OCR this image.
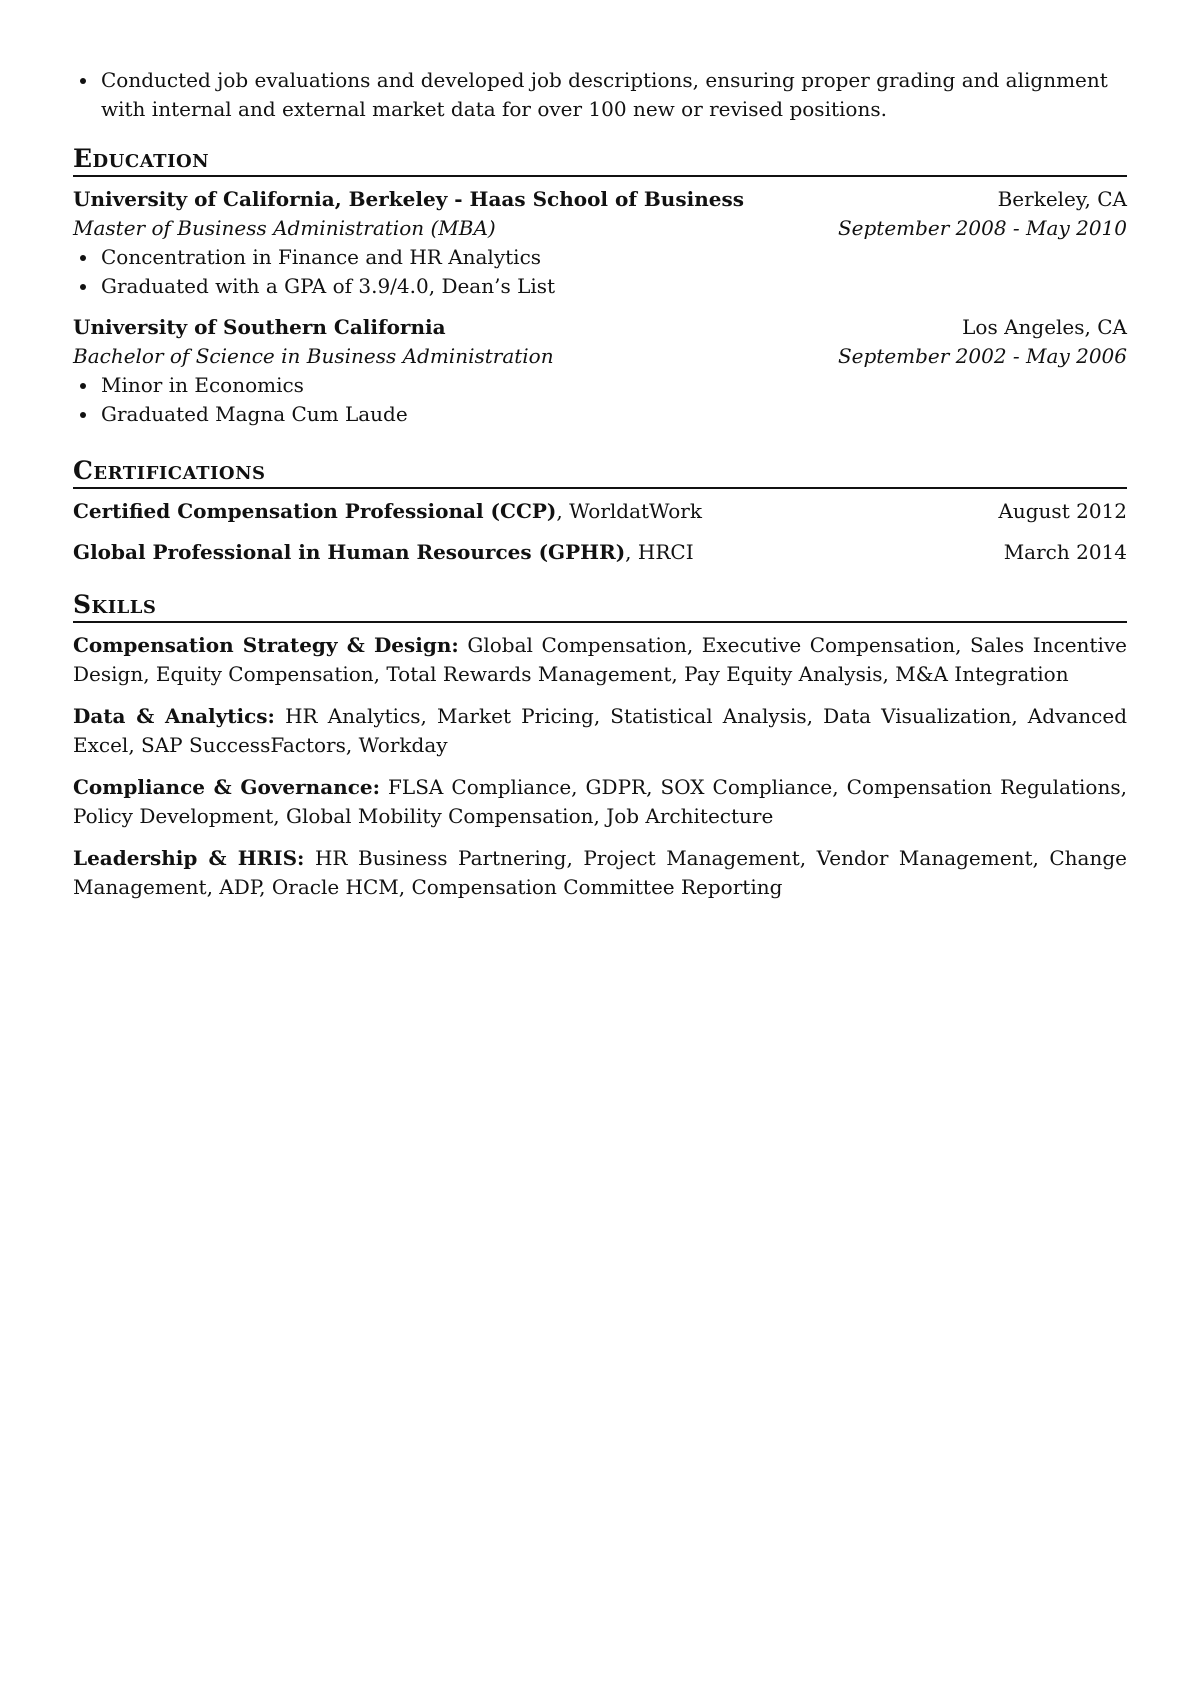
Conducted job evaluations and developed job descriptions, ensuring proper grading and alignment with internal and external market data for over 100 new or revised positions.
Education
University of California, Berkeley - Haas School of Business	Berkeley, CA
Master of Business Administration (MBA)	September 2008 - May 2010
Concentration in Finance and HR Analytics
Graduated with a GPA of 3.9/4.0, Dean’s List
University of Southern California	Los Angeles, CA
Bachelor of Science in Business Administration	September 2002 - May 2006
Minor in Economics
Graduated Magna Cum Laude
Certifications
Certified Compensation Professional (CCP), WorldatWork	August 2012
Global Professional in Human Resources (GPHR), HRCI	March 2014
Skills
Compensation Strategy & Design: Global Compensation, Executive Compensation, Sales Incentive Design, Equity Compensation, Total Rewards Management, Pay Equity Analysis, M&A Integration
Data & Analytics: HR Analytics, Market Pricing, Statistical Analysis, Data Visualization, Advanced Excel, SAP SuccessFactors, Workday
Compliance & Governance: FLSA Compliance, GDPR, SOX Compliance, Compensation Regulations, Policy Development, Global Mobility Compensation, Job Architecture
Leadership & HRIS: HR Business Partnering, Project Management, Vendor Management, Change Management, ADP, Oracle HCM, Compensation Committee Reporting
